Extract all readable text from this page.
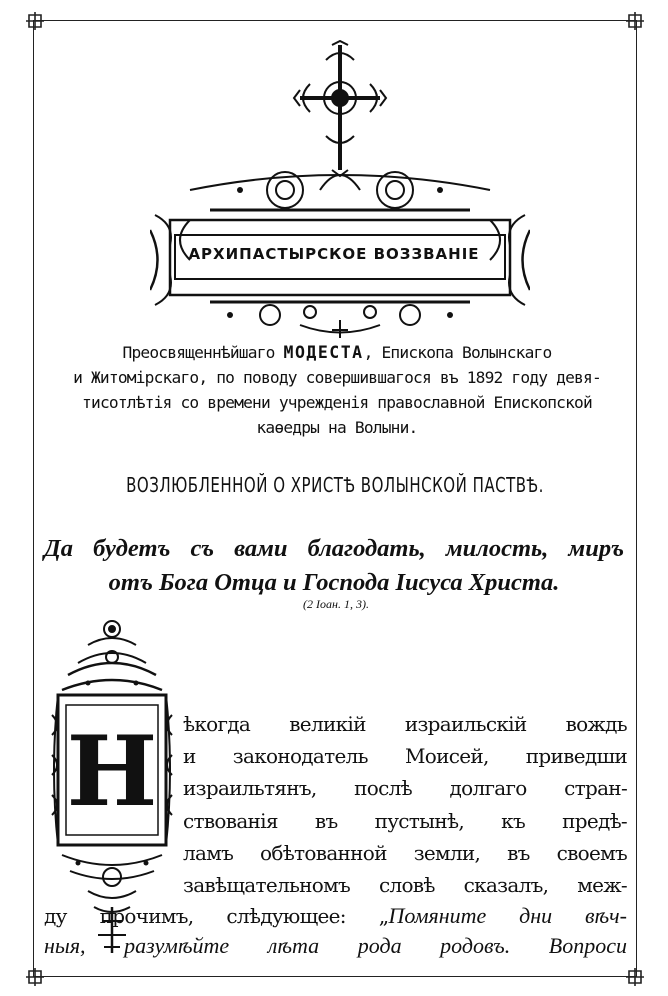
АРХИПАСТЫРСКОЕ ВОЗЗВАНІЕ
Преосвященнѣйшаго МОДЕСТА, Епископа Волынскаго
и Житомірскаго, по поводу совершившагося въ 1892 году девя-
тисотлѣтія со времени учрежденія православной Епископской
каѳедры на Волыни.
ВОЗЛЮБЛЕННОЙ О ХРИСТѢ ВОЛЫНСКОЙ ПАСТВѢ.
Да будетъ съ вами благодать, милость, миръ
отъ Бога Отца и Господа Іисуса Христа.
(2 Іоан. 1, 3).
Н ѣкогда великій израильскій вождь
и законодатель Моисей, приведши
израильтянъ, послѣ долгаго стран-
ствованія въ пустынѣ, къ предѣ-
ламъ обѣтованной земли, въ своемъ
завѣщательномъ словѣ сказалъ, меж-
ду прочимъ, слѣдующее: „Помяните дни вѣч-
ныя, разумѣйте лѣта рода родовъ. Вопроси
